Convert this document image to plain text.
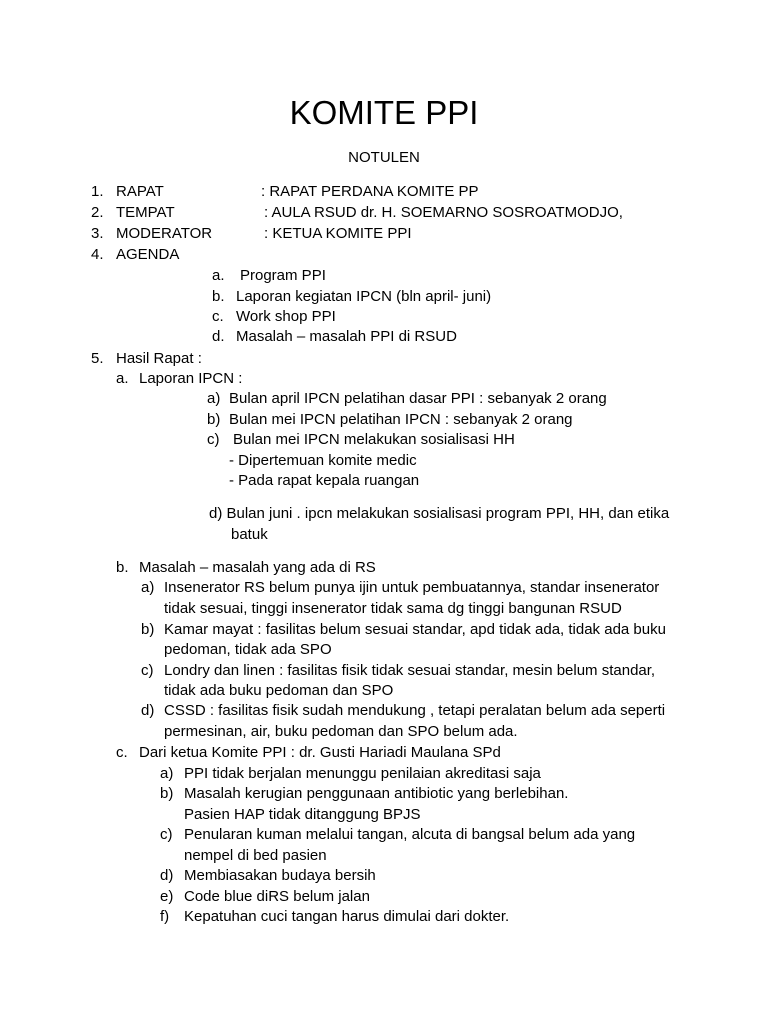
KOMITE PPI
NOTULEN
1. RAPAT	: RAPAT PERDANA KOMITE PP
2. TEMPAT	: AULA RSUD dr. H. SOEMARNO SOSROATMODJO,
3. MODERATOR	: KETUA KOMITE PPI
4. AGENDA
a. Program PPI
b. Laporan kegiatan IPCN (bln april- juni)
c. Work shop PPI
d. Masalah – masalah PPI di RSUD
5. Hasil Rapat :
a. Laporan IPCN :
a) Bulan april IPCN pelatihan dasar PPI : sebanyak 2 orang
b) Bulan mei IPCN pelatihan IPCN : sebanyak 2 orang
c) Bulan mei IPCN melakukan sosialisasi HH
- Dipertemuan komite medic
- Pada rapat kepala ruangan
d) Bulan juni . ipcn melakukan sosialisasi program PPI, HH, dan etika
batuk
b. Masalah – masalah yang ada di RS
a) Insenerator RS belum punya ijin untuk pembuatannya, standar insenerator
tidak sesuai, tinggi insenerator tidak sama dg tinggi bangunan RSUD
b) Kamar mayat : fasilitas belum sesuai standar, apd tidak ada, tidak ada buku
pedoman, tidak ada SPO
c) Londry dan linen : fasilitas fisik tidak sesuai standar, mesin belum standar,
tidak ada buku pedoman dan SPO
d) CSSD : fasilitas fisik sudah mendukung , tetapi peralatan belum ada seperti
permesinan, air, buku pedoman dan SPO belum ada.
c. Dari ketua Komite PPI : dr. Gusti Hariadi Maulana SPd
a) PPI tidak berjalan menunggu penilaian akreditasi saja
b) Masalah kerugian penggunaan antibiotic yang berlebihan.
Pasien HAP tidak ditanggung BPJS
c) Penularan kuman melalui tangan, alcuta di bangsal belum ada yang
nempel di bed pasien
d) Membiasakan budaya bersih
e) Code blue diRS belum jalan
f) Kepatuhan cuci tangan harus dimulai dari dokter.
